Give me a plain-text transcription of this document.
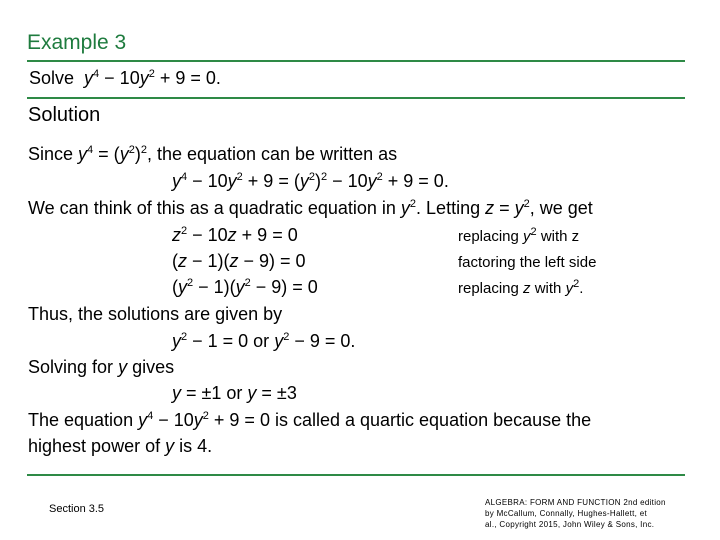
Example 3
Solve $y^4 - 10y^2 + 9 = 0$.
Solution
Since $y^4 = (y^2)^2$, the equation can be written as
$y^4 - 10y^2 + 9 = (y^2)^2 - 10y^2 + 9 = 0$.
We can think of this as a quadratic equation in $y^2$. Letting $z = y^2$, we get
$z^2 - 10z + 9 = 0$	replacing $y^2$ with z
(z − 1)(z − 9) = 0	factoring the left side
$(y^2 - 1)(y^2 - 9) = 0$	replacing z with $y^2$.
Thus, the solutions are given by
$y^2 - 1 = 0$ or $y^2 - 9 = 0$.
Solving for y gives
y = ±1 or y = ±3
The equation $y^4 - 10y^2 + 9 = 0$ is called a quartic equation because the
highest power of y is 4.
Section 3.5
ALGEBRA: FORM AND FUNCTION 2nd edition
by McCallum, Connally, Hughes-Hallett, et
al., Copyright 2015, John Wiley & Sons, Inc.
